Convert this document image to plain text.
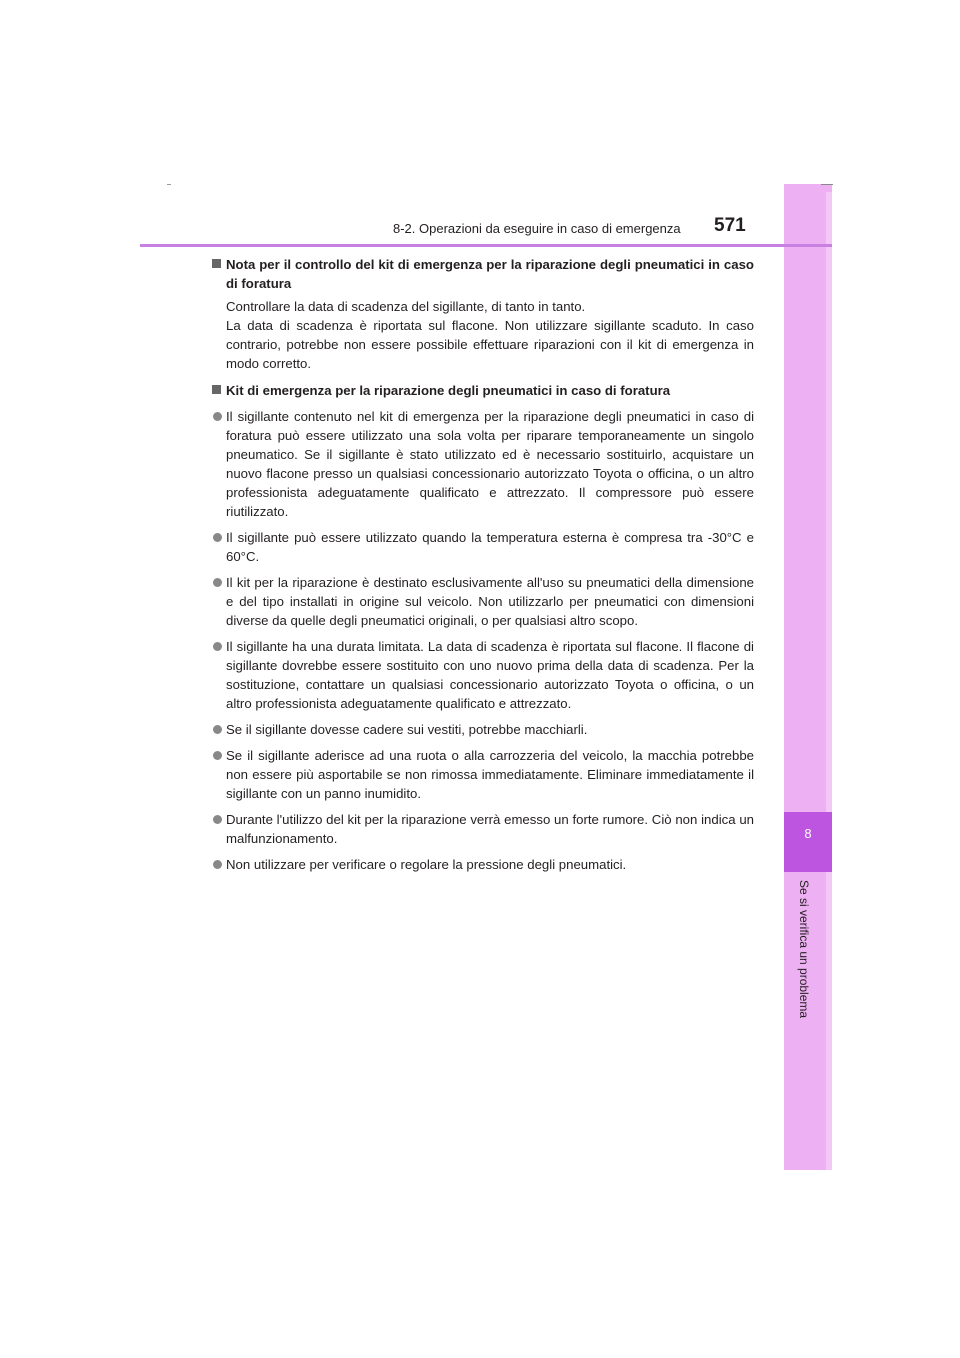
8
Se si verifica un problema
8-2. Operazioni da eseguire in caso di emergenza 571
Nota per il controllo del kit di emergenza per la riparazione degli pneumatici in caso di foratura
Controllare la data di scadenza del sigillante, di tanto in tanto.
La data di scadenza è riportata sul flacone. Non utilizzare sigillante scaduto. In caso contrario, potrebbe non essere possibile effettuare riparazioni con il kit di emergenza in modo corretto.
Kit di emergenza per la riparazione degli pneumatici in caso di foratura
Il sigillante contenuto nel kit di emergenza per la riparazione degli pneumatici in caso di foratura può essere utilizzato una sola volta per riparare temporaneamente un singolo pneumatico. Se il sigillante è stato utilizzato ed è necessario sostituirlo, acquistare un nuovo flacone presso un qualsiasi concessionario autorizzato Toyota o officina, o un altro professionista adeguatamente qualificato e attrezzato. Il compressore può essere riutilizzato.
Il sigillante può essere utilizzato quando la temperatura esterna è compresa tra -30°C e 60°C.
Il kit per la riparazione è destinato esclusivamente all'uso su pneumatici della dimensione e del tipo installati in origine sul veicolo. Non utilizzarlo per pneumatici con dimensioni diverse da quelle degli pneumatici originali, o per qualsiasi altro scopo.
Il sigillante ha una durata limitata. La data di scadenza è riportata sul flacone. Il flacone di sigillante dovrebbe essere sostituito con uno nuovo prima della data di scadenza. Per la sostituzione, contattare un qualsiasi concessionario autorizzato Toyota o officina, o un altro professionista adeguatamente qualificato e attrezzato.
Se il sigillante dovesse cadere sui vestiti, potrebbe macchiarli.
Se il sigillante aderisce ad una ruota o alla carrozzeria del veicolo, la macchia potrebbe non essere più asportabile se non rimossa immediatamente. Eliminare immediatamente il sigillante con un panno inumidito.
Durante l'utilizzo del kit per la riparazione verrà emesso un forte rumore. Ciò non indica un malfunzionamento.
Non utilizzare per verificare o regolare la pressione degli pneumatici.
